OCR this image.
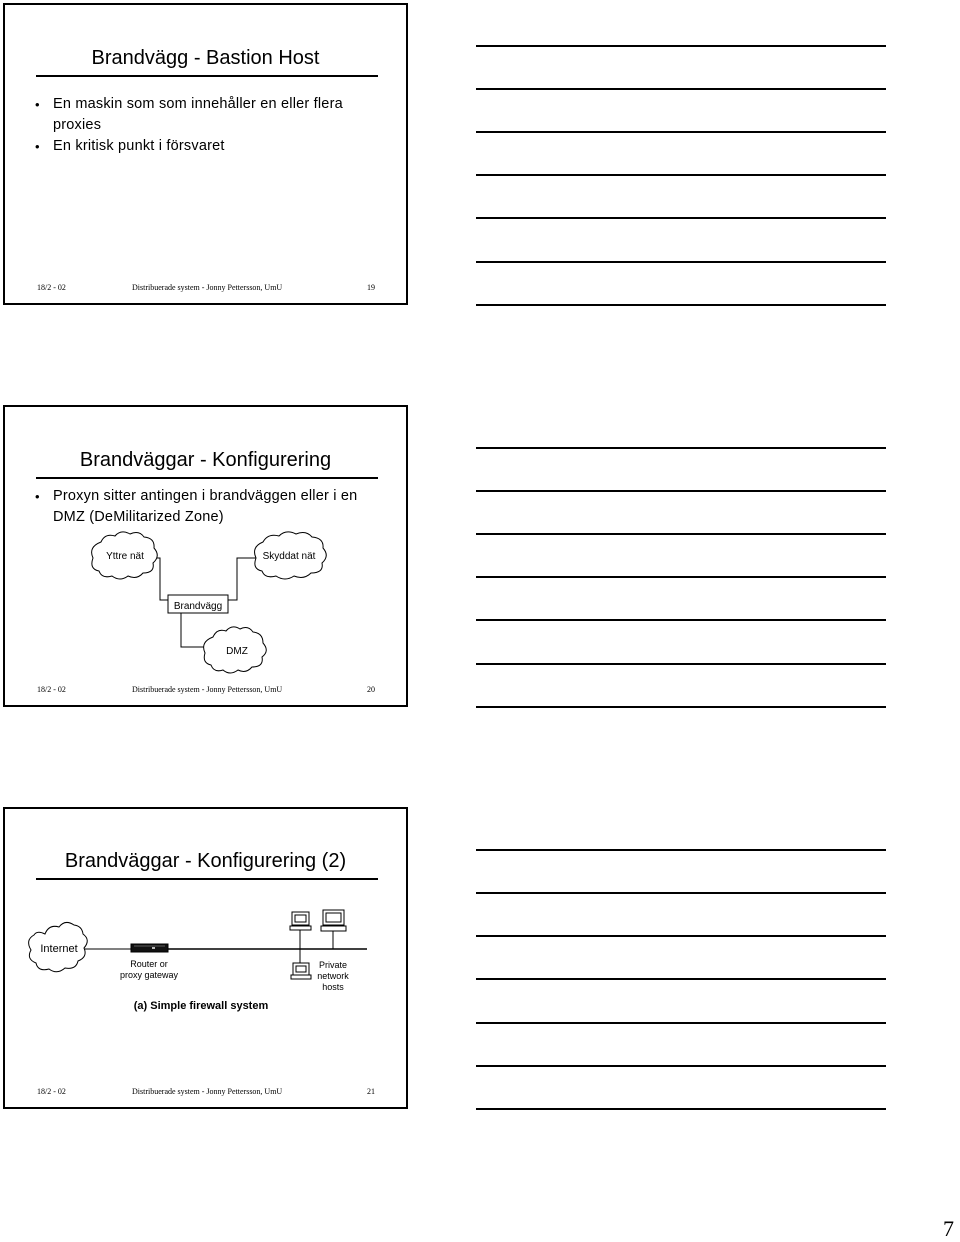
Brandvägg - Bastion Host
• En maskin som som innehåller en eller flera proxies
• En kritisk punkt i försvaret
18/2 - 02	Distribuerade system - Jonny Pettersson, UmU	19
Brandväggar - Konfigurering
• Proxyn sitter antingen i brandväggen eller i en DMZ (DeMilitarized Zone)
Yttre nät	Skyddat nät
Brandvägg
DMZ
18/2 - 02	Distribuerade system - Jonny Pettersson, UmU	20
Brandväggar - Konfigurering (2)
Internet
Router or
proxy gateway
Private
network
hosts
(a) Simple firewall system
18/2 - 02	Distribuerade system - Jonny Pettersson, UmU	21
7
